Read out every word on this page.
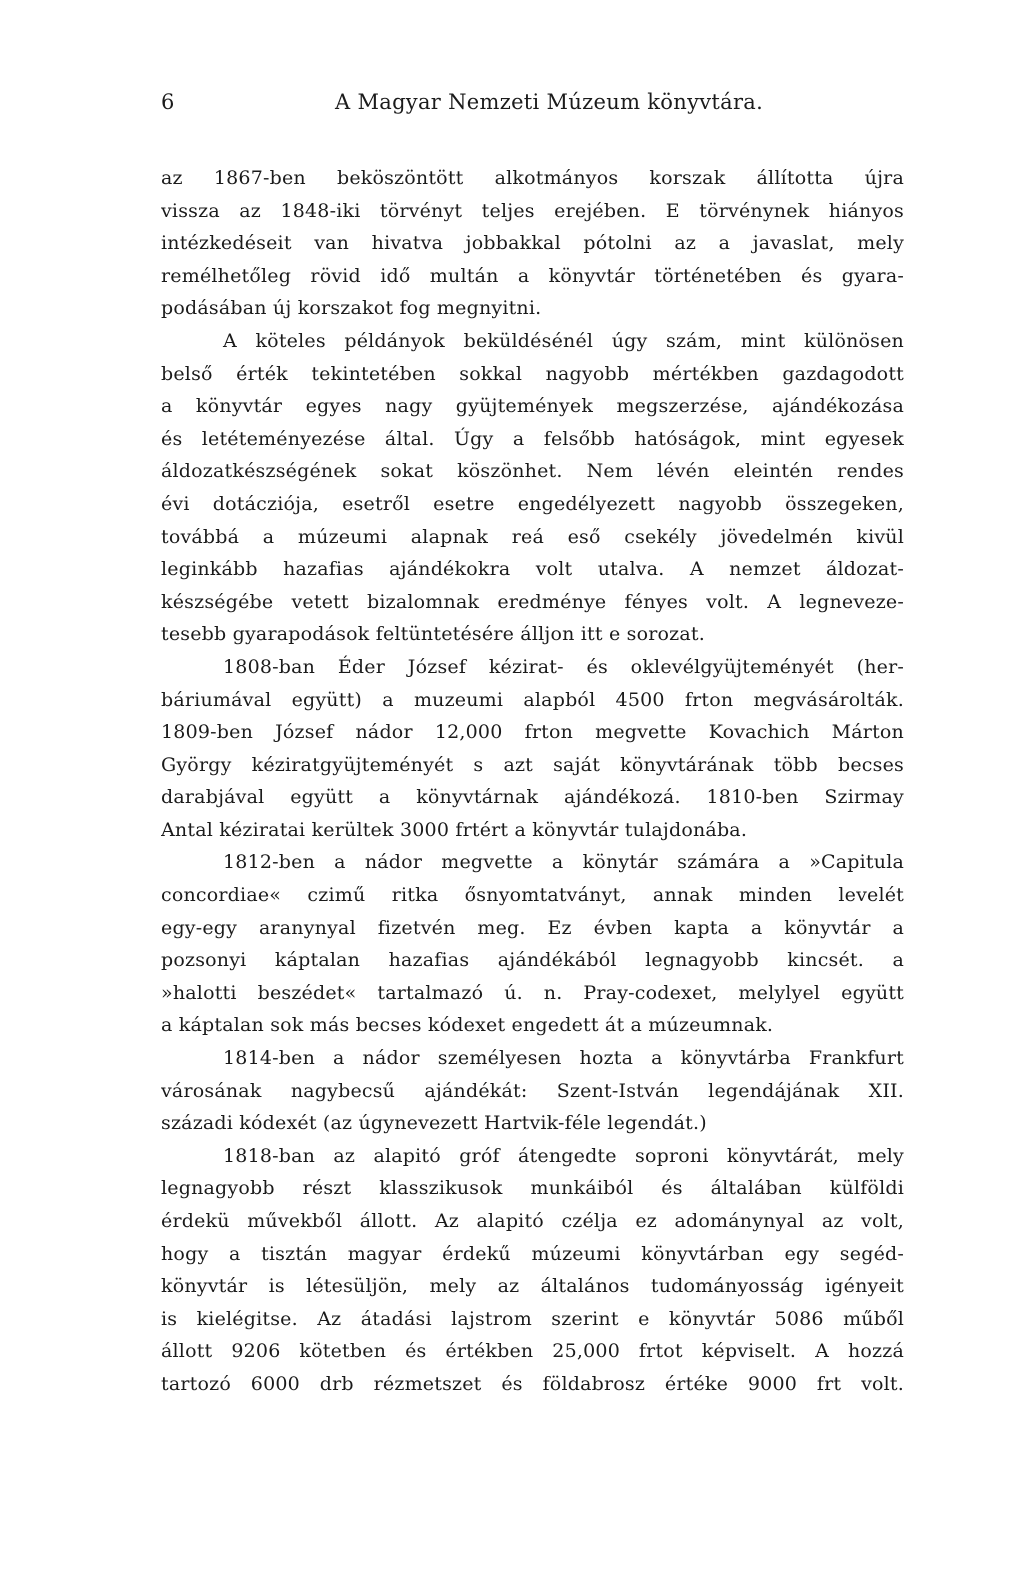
6	A Magyar Nemzeti Múzeum könyvtára.
az 1867-ben beköszöntött alkotmányos korszak állította újra
vissza az 1848-iki törvényt teljes erejében. E törvénynek hiányos
intézkedéseit van hivatva jobbakkal pótolni az a javaslat, mely
remélhetőleg rövid idő multán a könyvtár történetében és gyara-
podásában új korszakot fog megnyitni.
A köteles példányok beküldésénél úgy szám, mint különösen
belső érték tekintetében sokkal nagyobb mértékben gazdagodott
a könyvtár egyes nagy gyüjtemények megszerzése, ajándékozása
és letéteményezése által. Úgy a felsőbb hatóságok, mint egyesek
áldozatkészségének sokat köszönhet. Nem lévén eleintén rendes
évi dotácziója, esetről esetre engedélyezett nagyobb összegeken,
továbbá a múzeumi alapnak reá eső csekély jövedelmén kivül
leginkább hazafias ajándékokra volt utalva. A nemzet áldozat-
készségébe vetett bizalomnak eredménye fényes volt. A legneveze-
tesebb gyarapodások feltüntetésére álljon itt e sorozat.
1808-ban Éder József kézirat- és oklevélgyüjteményét (her-
báriumával együtt) a muzeumi alapból 4500 frton megvásárolták.
1809-ben József nádor 12,000 frton megvette Kovachich Márton
György kéziratgyüjteményét s azt saját könyvtárának több becses
darabjával együtt a könyvtárnak ajándékozá. 1810-ben Szirmay
Antal kéziratai kerültek 3000 frtért a könyvtár tulajdonába.
1812-ben a nádor megvette a könytár számára a »Capitula
concordiae« czimű ritka ősnyomtatványt, annak minden levelét
egy-egy aranynyal fizetvén meg. Ez évben kapta a könyvtár a
pozsonyi káptalan hazafias ajándékából legnagyobb kincsét. a
»halotti beszédet« tartalmazó ú. n. Pray-codexet, melylyel együtt
a káptalan sok más becses kódexet engedett át a múzeumnak.
1814-ben a nádor személyesen hozta a könyvtárba Frankfurt
városának nagybecsű ajándékát: Szent-István legendájának XII.
századi kódexét (az úgynevezett Hartvik-féle legendát.)
1818-ban az alapitó gróf átengedte soproni könyvtárát, mely
legnagyobb részt klasszikusok munkáiból és általában külföldi
érdekü művekből állott. Az alapitó czélja ez adománynyal az volt,
hogy a tisztán magyar érdekű múzeumi könyvtárban egy segéd-
könyvtár is létesüljön, mely az általános tudományosság igényeit
is kielégitse. Az átadási lajstrom szerint e könyvtár 5086 műből
állott 9206 kötetben és értékben 25,000 frtot képviselt. A hozzá
tartozó 6000 drb rézmetszet és földabrosz értéke 9000 frt volt.
